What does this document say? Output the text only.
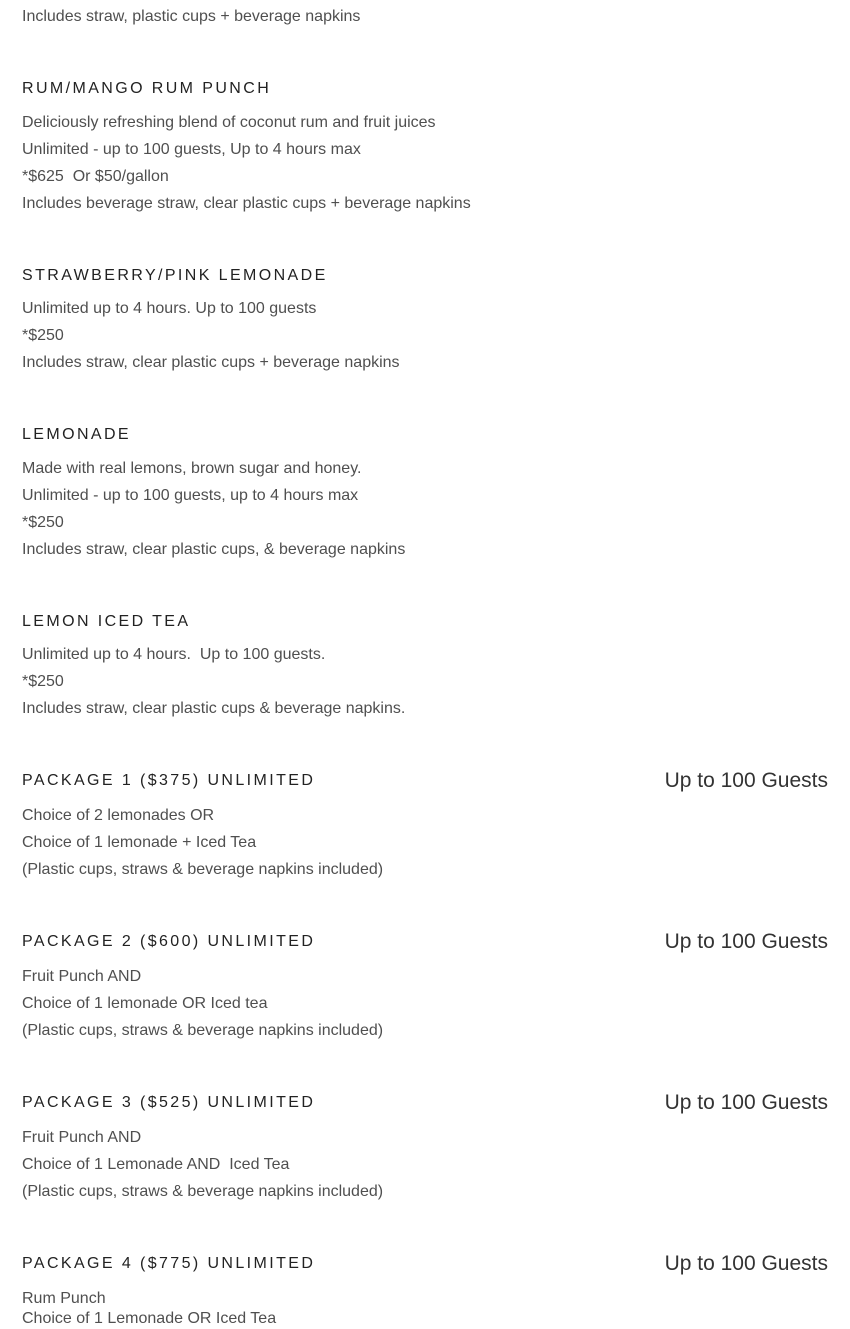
Includes straw, plastic cups + beverage napkins
RUM/MANGO RUM PUNCH
Deliciously refreshing blend of coconut rum and fruit juices
Unlimited - up to 100 guests, Up to 4 hours max
*$625  Or $50/gallon
Includes beverage straw, clear plastic cups + beverage napkins
STRAWBERRY/PINK LEMONADE
Unlimited up to 4 hours. Up to 100 guests
*$250
Includes straw, clear plastic cups + beverage napkins
LEMONADE
Made with real lemons, brown sugar and honey.
Unlimited - up to 100 guests, up to 4 hours max
*$250
Includes straw, clear plastic cups, & beverage napkins
LEMON ICED TEA
Unlimited up to 4 hours.  Up to 100 guests.
*$250
Includes straw, clear plastic cups & beverage napkins.
PACKAGE 1 ($375) UNLIMITED	Up to 100 Guests
Choice of 2 lemonades OR
Choice of 1 lemonade + Iced Tea
(Plastic cups, straws & beverage napkins included)
PACKAGE 2 ($600) UNLIMITED	Up to 100 Guests
Fruit Punch AND
Choice of 1 lemonade OR Iced tea
(Plastic cups, straws & beverage napkins included)
PACKAGE 3 ($525) UNLIMITED	Up to 100 Guests
Fruit Punch AND
Choice of 1 Lemonade AND  Iced Tea
(Plastic cups, straws & beverage napkins included)
PACKAGE 4 ($775) UNLIMITED	Up to 100 Guests
Rum Punch
Choice of 1 Lemonade OR Iced Tea
